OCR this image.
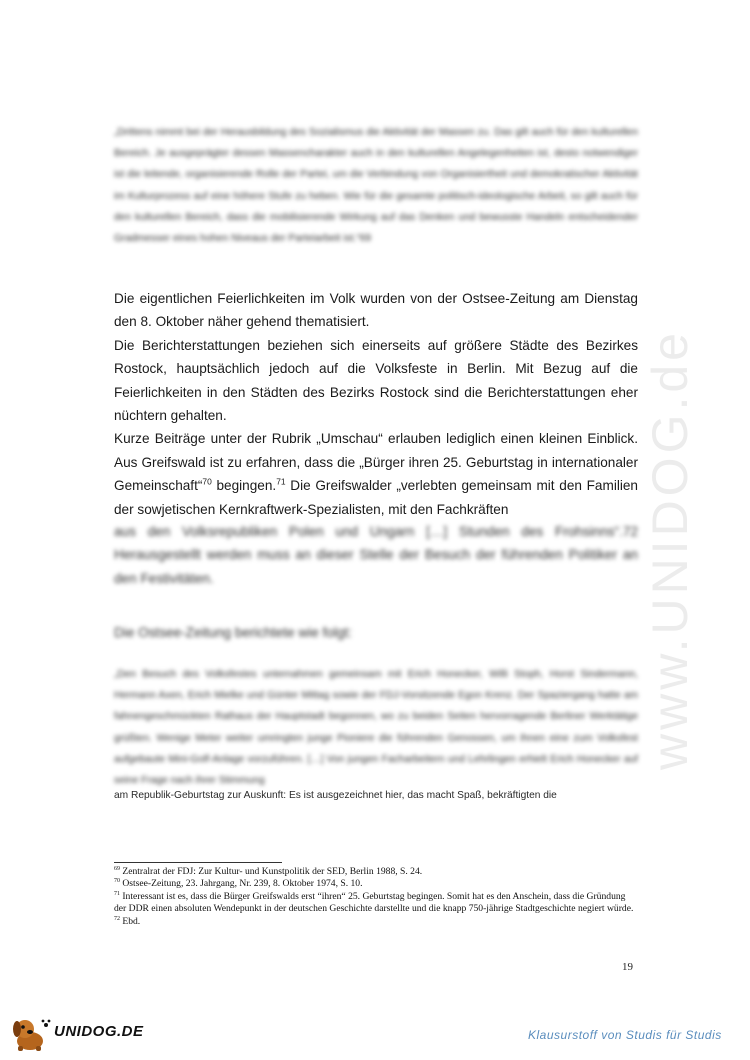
www.UNIDOG.de
„Drittens nimmt bei der Herausbildung des Sozialismus die Aktivität der Massen zu. Das gilt auch für den kulturellen Bereich. Je ausgeprägter dessen Massencharakter auch in den kulturellen Angelegenheiten ist, desto notwendiger ist die leitende, organisierende Rolle der Partei, um die Verbindung von Organisiertheit und demokratischer Aktivität im Kulturprozess auf eine höhere Stufe zu heben. Wie für die gesamte politisch-ideologische Arbeit, so gilt auch für den kulturellen Bereich, dass die mobilisierende Wirkung auf das Denken und bewusste Handeln entscheidender Gradmesser eines hohen Niveaus der Parteiarbeit ist.“69

Die eigentlichen Feierlichkeiten im Volk wurden von der Ostsee-Zeitung am Dienstag den 8. Oktober näher gehend thematisiert.

Die Berichterstattungen beziehen sich einerseits auf größere Städte des Bezirkes Rostock, hauptsächlich jedoch auf die Volksfeste in Berlin. Mit Bezug auf die Feierlichkeiten in den Städten des Bezirks Rostock sind die Berichterstattungen eher nüchtern gehalten.

Kurze Beiträge unter der Rubrik „Umschau“ erlauben lediglich einen kleinen Einblick. Aus Greifswald ist zu erfahren, dass die „Bürger ihren 25. Geburtstag in internationaler Gemeinschaft“$^{70}$ begingen.$^{71}$ Die Greifswalder „verlebten gemeinsam mit den Familien der sowjetischen Kernkraftwerk-Spezialisten, mit den Fachkräften

aus den Volksrepubliken Polen und Ungarn […] Stunden des Frohsinns“.72 Herausgestellt werden muss an dieser Stelle der Besuch der führenden Politiker an den Festivitäten.
Die Ostsee-Zeitung berichtete wie folgt:
„Den Besuch des Volksfestes unternahmen gemeinsam mit Erich Honecker, Willi Stoph, Horst Sindermann, Hermann Axen, Erich Mielke und Günter Mittag sowie der FDJ-Vorsitzende Egon Krenz. Der Spaziergang hatte am fahnengeschmückten Rathaus der Hauptstadt begonnen, wo zu beiden Seiten hervorragende Berliner Werktätige grüßten. Wenige Meter weiter umringten junge Pioniere die führenden Genossen, um ihnen eine zum Volksfest aufgebaute Mini-Golf-Anlage vorzuführen. […] Von jungen Facharbeitern und Lehrlingen erhielt Erich Honecker auf seine Frage nach ihrer Stimmung
am Republik-Geburtstag zur Auskunft: Es ist ausgezeichnet hier, das macht Spaß, bekräftigten die
$^{69}$ Zentralrat der FDJ: Zur Kultur- und Kunstpolitik der SED, Berlin 1988, S. 24.
$^{70}$ Ostsee-Zeitung, 23. Jahrgang, Nr. 239, 8. Oktober 1974, S. 10.
$^{71}$ Interessant ist es, dass die Bürger Greifswalds erst “ihren“ 25. Geburtstag begingen. Somit hat es den Anschein, dass die Gründung der DDR einen absoluten Wendepunkt in der deutschen Geschichte darstellte und die knapp 750-jährige Stadtgeschichte negiert würde.
$^{72}$ Ebd.
19
UNIDOG.DE	Klausurstoff von Studis für Studis
